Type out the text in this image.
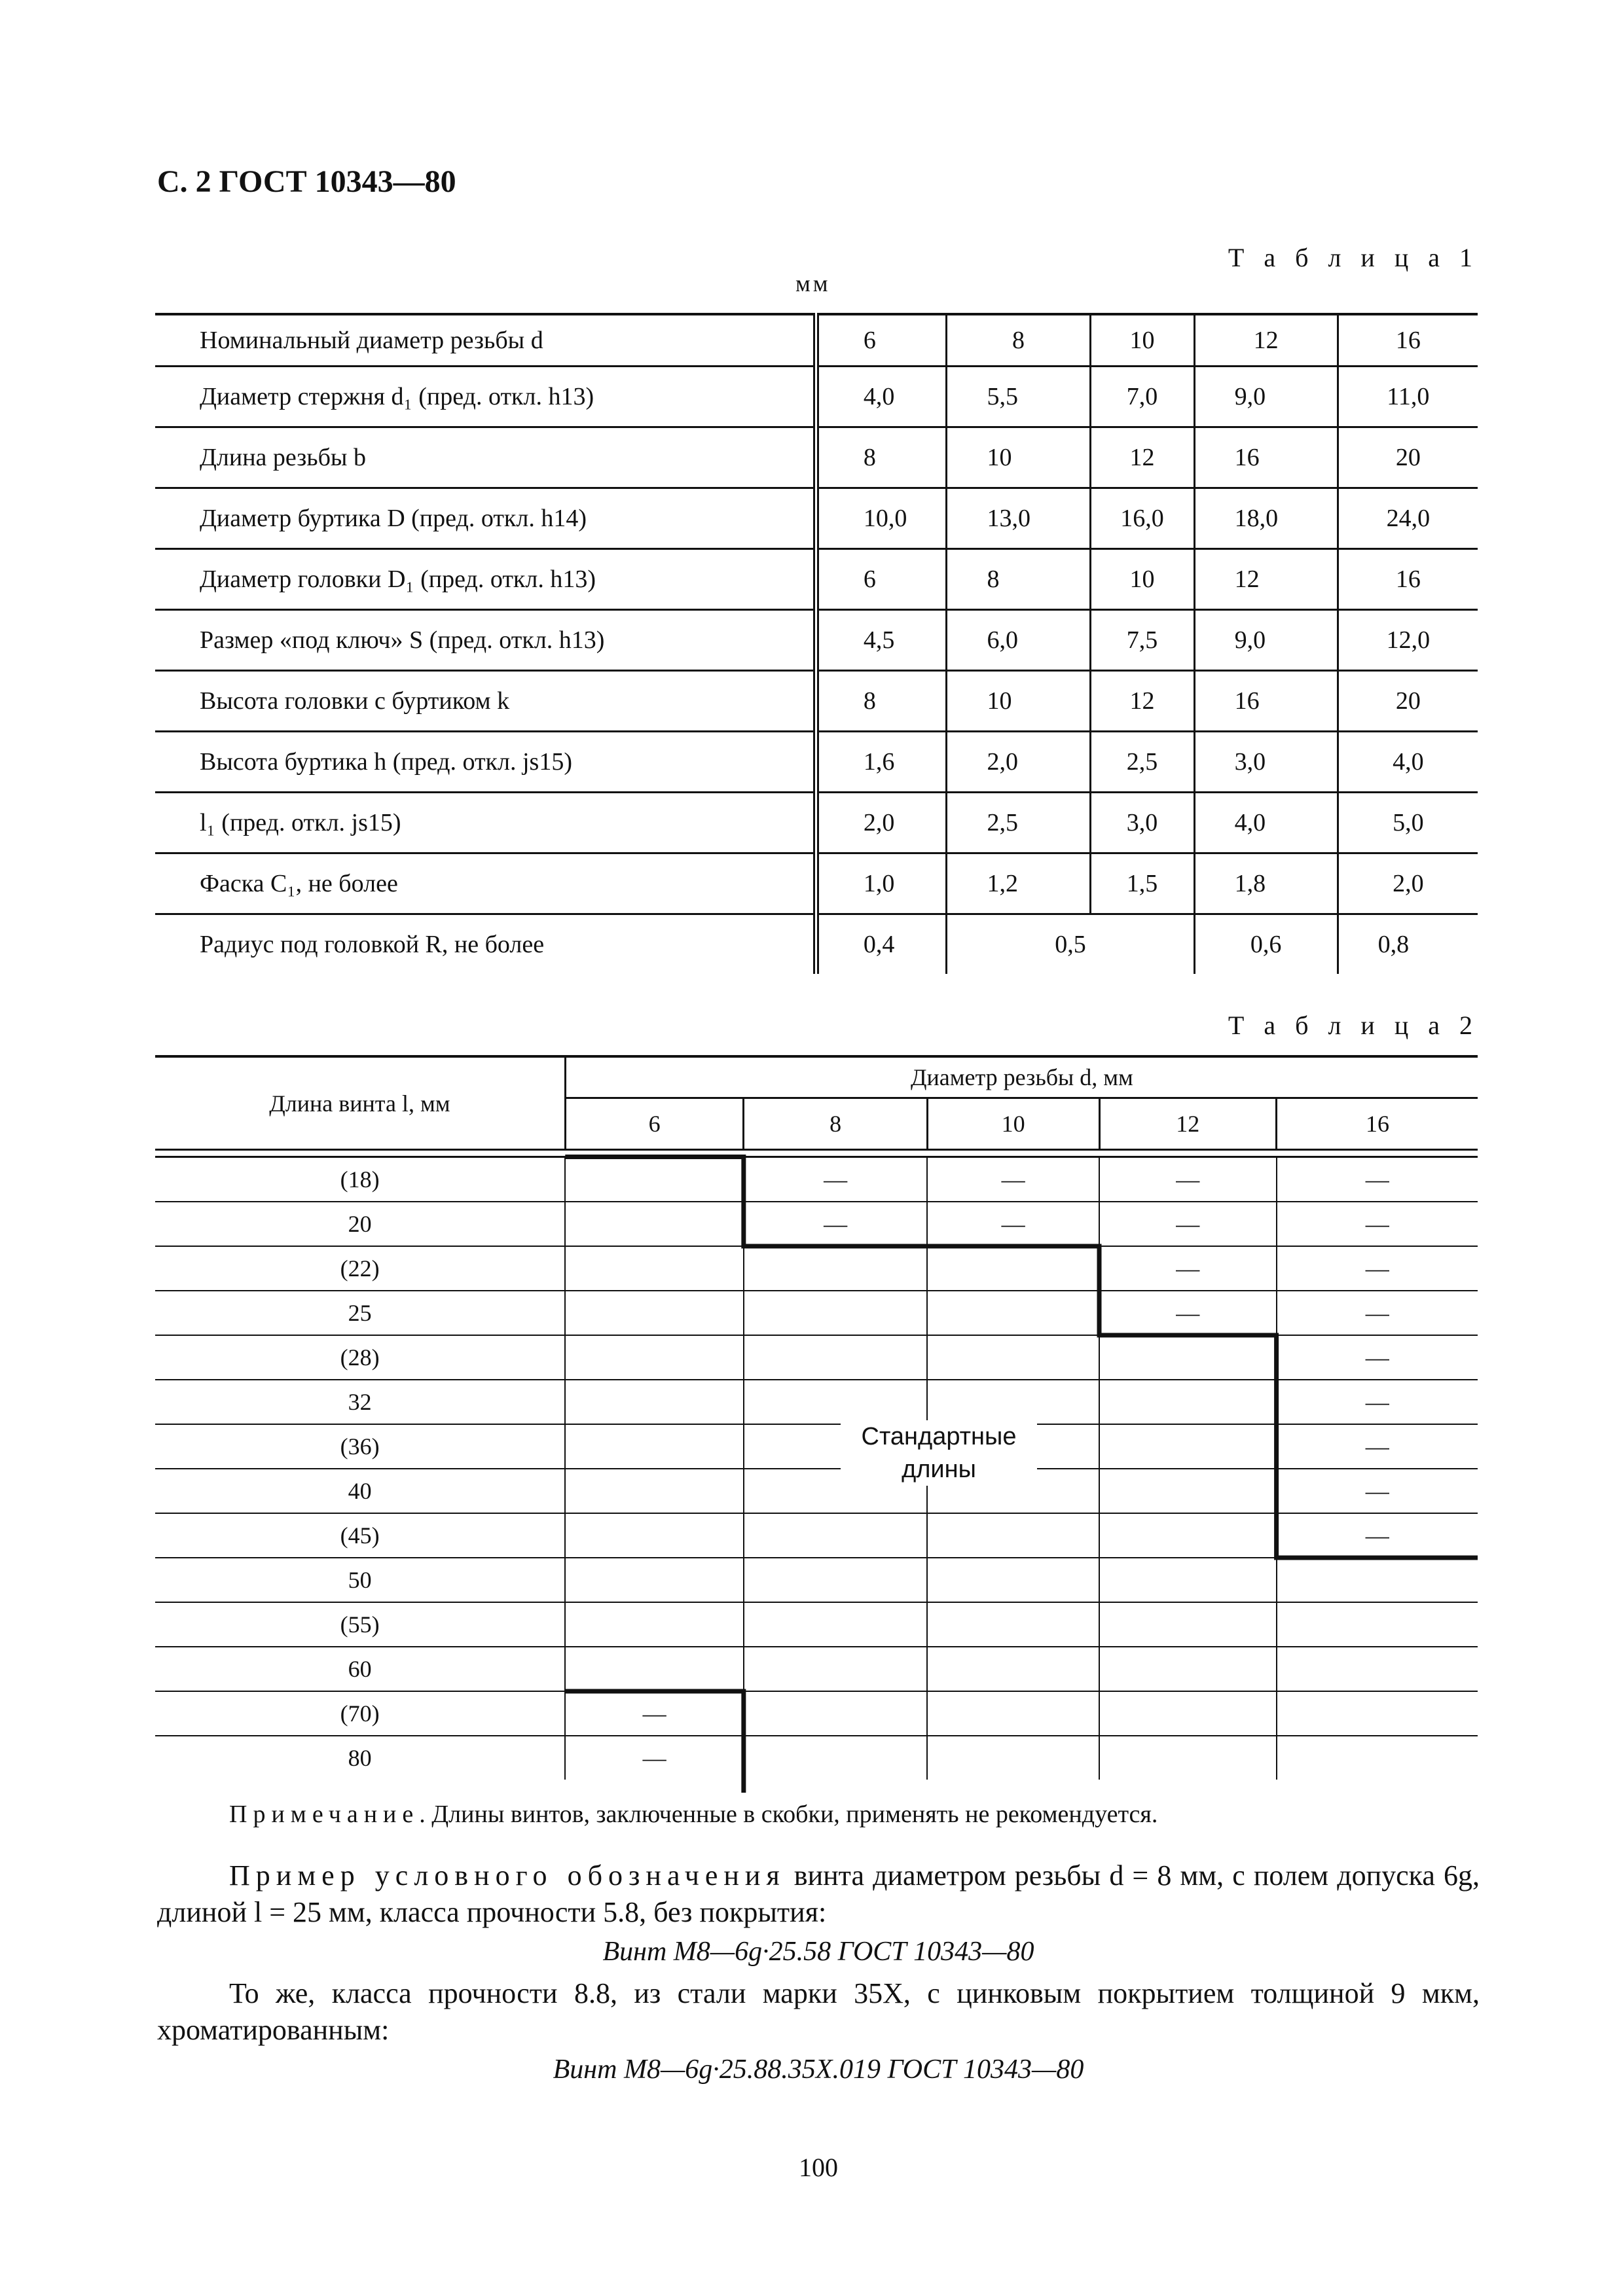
С. 2 ГОСТ 10343—80
Т а б л и ц а 1
мм
Номинальный диаметр резьбы d	6	8	10	12	16
Диаметр стержня d₁ (пред. откл. h13)	4,0	5,5	7,0	9,0	11,0
Длина резьбы b	8	10	12	16	20
Диаметр буртика D (пред. откл. h14)	10,0	13,0	16,0	18,0	24,0
Диаметр головки D₁ (пред. откл. h13)	6	8	10	12	16
Размер «под ключ» S (пред. откл. h13)	4,5	6,0	7,5	9,0	12,0
Высота головки с буртиком k	8	10	12	16	20
Высота буртика h (пред. откл. js15)	1,6	2,0	2,5	3,0	4,0
l₁ (пред. откл. js15)	2,0	2,5	3,0	4,0	5,0
Фаска C₁, не более	1,0	1,2	1,5	1,8	2,0
Радиус под головкой R, не более	0,4	0,5		0,6	0,8
Т а б л и ц а 2
Длина винта l, мм	Диаметр резьбы d, мм				
	6	8	10	12	16

(18)		—	—	—	—
20		—	—	—	—
(22)				—	—
25				—	—
(28)					—
32					—
(36)					—
40					—
(45)					—
50					
(55)					
60					
(70)	—				
80	—				
Стандартные
длины
Примечание. Длины винтов, заключенные в скобки, применять не рекомендуется.
Пример условного обозначения винта диаметром резьбы d = 8 мм, с полем допуска 6g, длиной l = 25 мм, класса прочности 5.8, без покрытия:
Винт М8—6g·25.58 ГОСТ 10343—80
То же, класса прочности 8.8, из стали марки 35Х, с цинковым покрытием толщиной 9 мкм, хроматированным:
Винт М8—6g·25.88.35Х.019 ГОСТ 10343—80
100
